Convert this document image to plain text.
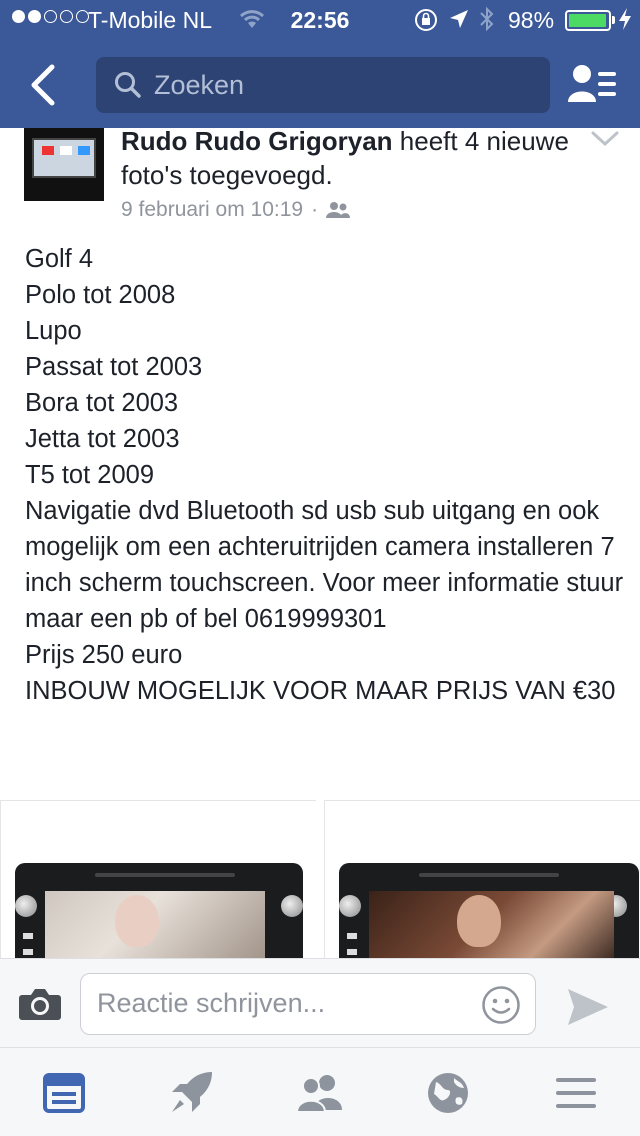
T-Mobile NL	22:56	98%
Zoeken
Rudo Rudo Grigoryan heeft 4 nieuwe foto's toegevoegd.
9 februari om 10:19 ·
Golf 4
Polo tot 2008
Lupo
Passat tot 2003
Bora tot 2003
Jetta tot 2003
T5 tot 2009
Navigatie dvd Bluetooth sd usb sub uitgang en ook mogelijk om een achteruitrijden camera installeren 7 inch scherm touchscreen. Voor meer informatie stuur maar een pb of bel 0619999301
Prijs 250 euro
INBOUW MOGELIJK VOOR MAAR PRIJS VAN €30
Reactie schrijven...
